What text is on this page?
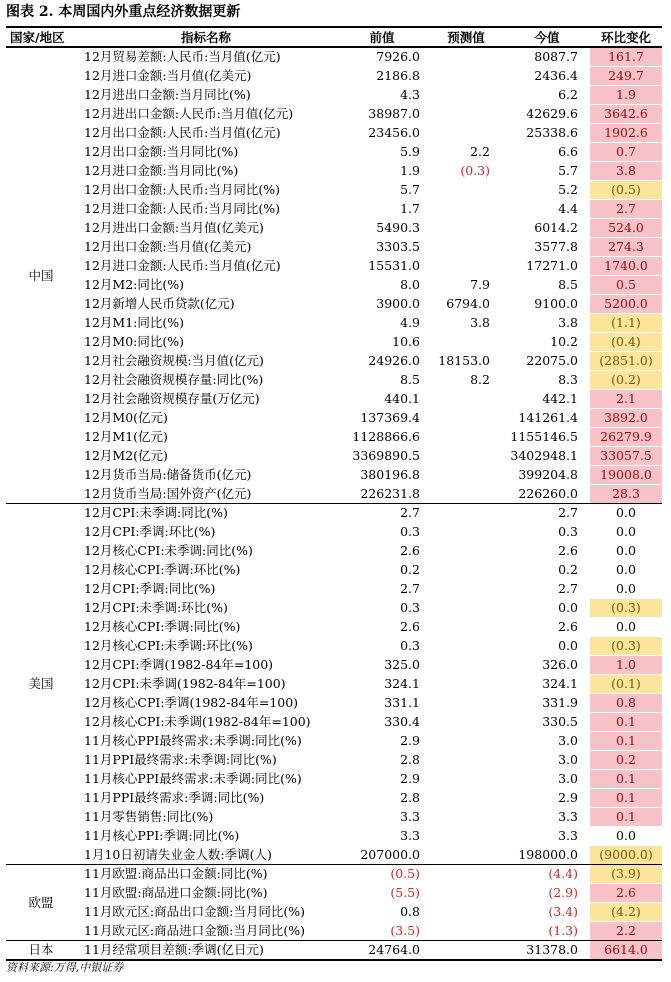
图表 2. 本周国内外重点经济数据更新
国家/地区	指标名称	前值	预测值	今值	环比变化
中国	12月贸易差额:人民币:当月值(亿元)	7926.0		8087.7	161.7
	12月进口金额:当月值(亿美元)	2186.8		2436.4	249.7
	12月进出口金额:当月同比(%)	4.3		6.2	1.9
	12月进出口金额:人民币:当月值(亿元)	38987.0		42629.6	3642.6
	12月出口金额:人民币:当月值(亿元)	23456.0		25338.6	1902.6
	12月出口金额:当月同比(%)	5.9	2.2	6.6	0.7
	12月进口金额:当月同比(%)	1.9	(0.3)	5.7	3.8
	12月出口金额:人民币:当月同比(%)	5.7		5.2	(0.5)
	12月进口金额:人民币:当月同比(%)	1.7		4.4	2.7
	12月进出口金额:当月值(亿美元)	5490.3		6014.2	524.0
	12月出口金额:当月值(亿美元)	3303.5		3577.8	274.3
	12月进口金额:人民币:当月值(亿元)	15531.0		17271.0	1740.0
	12月M2:同比(%)	8.0	7.9	8.5	0.5
	12月新增人民币贷款(亿元)	3900.0	6794.0	9100.0	5200.0
	12月M1:同比(%)	4.9	3.8	3.8	(1.1)
	12月M0:同比(%)	10.6		10.2	(0.4)
	12月社会融资规模:当月值(亿元)	24926.0	18153.0	22075.0	(2851.0)
	12月社会融资规模存量:同比(%)	8.5	8.2	8.3	(0.2)
	12月社会融资规模存量(万亿元)	440.1		442.1	2.1
	12月M0(亿元)	137369.4		141261.4	3892.0
	12月M1(亿元)	1128866.6		1155146.5	26279.9
	12月M2(亿元)	3369890.5		3402948.1	33057.5
	12月货币当局:储备货币(亿元)	380196.8		399204.8	19008.0
	12月货币当局:国外资产(亿元)	226231.8		226260.0	28.3
美国	12月CPI:未季调:同比(%)	2.7		2.7	0.0
	12月CPI:季调:环比(%)	0.3		0.3	0.0
	12月核心CPI:未季调:同比(%)	2.6		2.6	0.0
	12月核心CPI:季调:环比(%)	0.2		0.2	0.0
	12月CPI:季调:同比(%)	2.7		2.7	0.0
	12月CPI:未季调:环比(%)	0.3		0.0	(0.3)
	12月核心CPI:季调:同比(%)	2.6		2.6	0.0
	12月核心CPI:未季调:环比(%)	0.3		0.0	(0.3)
	12月CPI:季调(1982-84年=100)	325.0		326.0	1.0
	12月CPI:未季调(1982-84年=100)	324.1		324.1	(0.1)
	12月核心CPI:季调(1982-84年=100)	331.1		331.9	0.8
	12月核心CPI:未季调(1982-84年=100)	330.4		330.5	0.1
	11月核心PPI最终需求:未季调:同比(%)	2.9		3.0	0.1
	11月PPI最终需求:未季调:同比(%)	2.8		3.0	0.2
	11月核心PPI最终需求:未季调:同比(%)	2.9		3.0	0.1
	11月PPI最终需求:季调:同比(%)	2.8		2.9	0.1
	11月零售销售:同比(%)	3.3		3.3	0.1
	11月核心PPI:季调:同比(%)	3.3		3.3	0.0
	1月10日初请失业金人数:季调(人)	207000.0		198000.0	(9000.0)
欧盟	11月欧盟:商品出口金额:同比(%)	(0.5)		(4.4)	(3.9)
	11月欧盟:商品进口金额:同比(%)	(5.5)		(2.9)	2.6
	11月欧元区:商品出口金额:当月同比(%)	0.8		(3.4)	(4.2)
	11月欧元区:商品进口金额:当月同比(%)	(3.5)		(1.3)	2.2
日本	11月经常项目差额:季调(亿日元)	24764.0		31378.0	6614.0
资料来源:万得,中银证券
